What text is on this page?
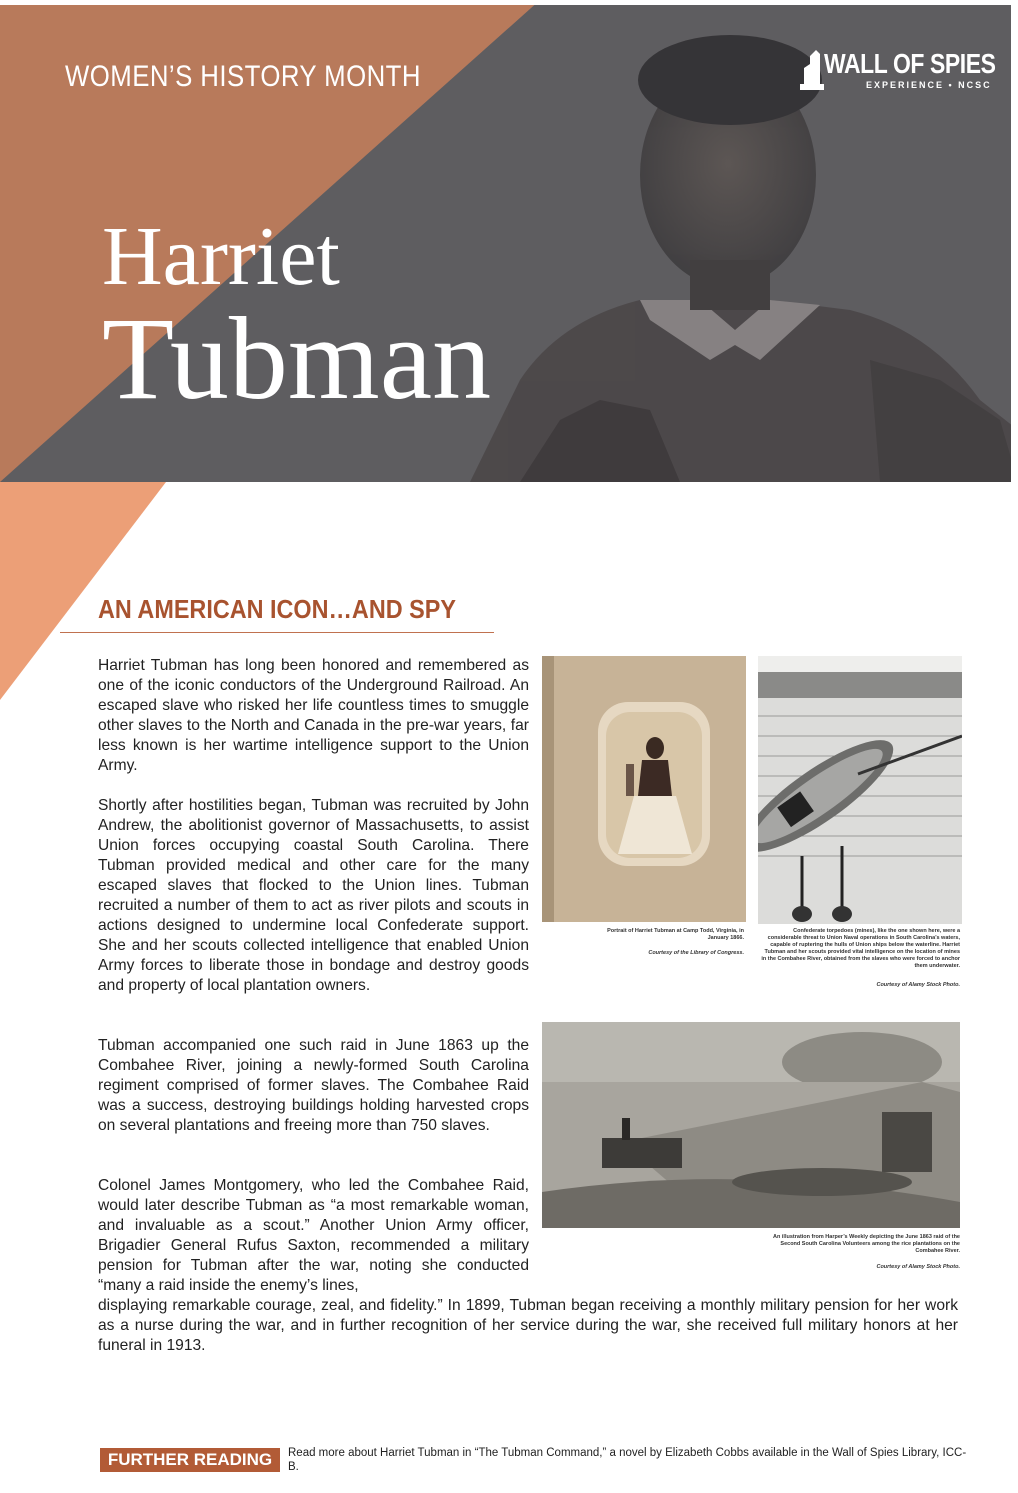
WOMEN’S HISTORY MONTH	WALL OF SPIES
EXPERIENCE • NCSC
Harriet
Tubman
AN AMERICAN ICON…AND SPY

Harriet Tubman has long been honored and remembered as one of the iconic conductors of the Underground Railroad. An escaped slave who risked her life countless times to smuggle other slaves to the North and Canada in the pre-war years, far less known is her wartime intelligence support to the Union Army.

Shortly after hostilities began, Tubman was recruited by John Andrew, the abolitionist governor of Massachusetts, to assist Union forces occupying coastal South Carolina. There Tubman provided medical and other care for the many escaped slaves that flocked to the Union lines. Tubman recruited a number of them to act as river pilots and scouts in actions designed to undermine local Confederate support. She and her scouts collected intelligence that enabled Union Army forces to liberate those in bondage and destroy goods and property of local plantation owners.

Tubman accompanied one such raid in June 1863 up the Combahee River, joining a newly-formed South Carolina regiment comprised of former slaves. The Combahee Raid was a success, destroying buildings holding harvested crops on several plantations and freeing more than 750 slaves.

Colonel James Montgomery, who led the Combahee Raid, would later describe Tubman as “a most remarkable woman, and invaluable as a scout.” Another Union Army officer, Brigadier General Rufus Saxton, recommended a military pension for Tubman after the war, noting she conducted “many a raid inside the enemy’s lines,

displaying remarkable courage, zeal, and fidelity.” In 1899, Tubman began receiving a monthly military pension for her work as a nurse during the war, and in further recognition of her service during the war, she received full military honors at her funeral in 1913.

Portrait of Harriet Tubman at Camp Todd, Virginia, in January 1866.
Courtesy of the Library of Congress.
Confederate torpedoes (mines), like the one shown here, were a considerable threat to Union Naval operations in South Carolina’s waters, capable of ruptering the hulls of Union ships below the waterline. Harriet Tubman and her scouts provided vital intelligence on the location of mines in the Combahee River, obtained from the slaves who were forced to anchor them underwater.
Courtesy of Alamy Stock Photo.
An illustration from Harper’s Weekly depicting the June 1863 raid of the Second South Carolina Volunteers among the rice plantations on the Combahee River.
Courtesy of Alamy Stock Photo.
FURTHER READING	Read more about Harriet Tubman in “The Tubman Command,” a novel by Elizabeth Cobbs available in the Wall of Spies Library, ICC-B.
